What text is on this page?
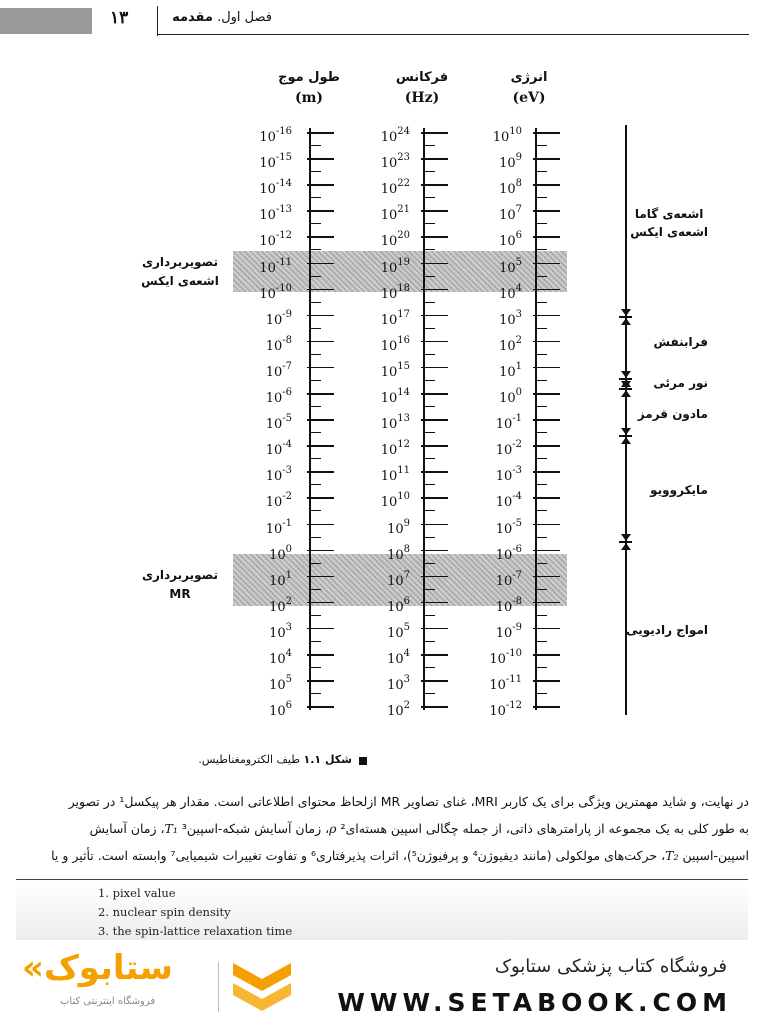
۱۳	فصل اول. مقدمه
طول موج
(m)
فرکانس
(Hz)
انرژی
(eV)
$10^{-16}$
$10^{-15}$
$10^{-14}$
$10^{-13}$
$10^{-12}$
$10^{-11}$
$10^{-10}$
$10^{-9}$
$10^{-8}$
$10^{-7}$
$10^{-6}$
$10^{-5}$
$10^{-4}$
$10^{-3}$
$10^{-2}$
$10^{-1}$
$10^0$
$10^1$
$10^2$
$10^3$
$10^4$
$10^5$
$10^6$
$10^{24}$
$10^{23}$
$10^{22}$
$10^{21}$
$10^{20}$
$10^{19}$
$10^{18}$
$10^{17}$
$10^{16}$
$10^{15}$
$10^{14}$
$10^{13}$
$10^{12}$
$10^{11}$
$10^{10}$
$10^9$
$10^8$
$10^7$
$10^6$
$10^5$
$10^4$
$10^3$
$10^2$
$10^{10}$
$10^9$
$10^8$
$10^7$
$10^6$
$10^5$
$10^4$
$10^3$
$10^2$
$10^1$
$10^0$
$10^{-1}$
$10^{-2}$
$10^{-3}$
$10^{-4}$
$10^{-5}$
$10^{-6}$
$10^{-7}$
$10^{-8}$
$10^{-9}$
$10^{-10}$
$10^{-11}$
$10^{-12}$
تصویربرداری
اشعه‌ی ایکس
تصویربرداری
MR
اشعه‌ی گاما
اشعه‌ی ایکس
فرابنفش
نور مرئی
مادون قرمز
مایکروویو
امواج رادیویی
شکل ۱.۱ طیف الکترومغناطیس.
در نهایت، و شاید مهمترین ویژگی برای یک کاربر MRI، غنای تصاویر MR ازلحاظ محتوای اطلاعاتی است. مقدار هر پیکسل¹ در تصویر
به طور کلی به یک مجموعه از پارامترهای ذاتی، از جمله چگالی اسپین هسته‌ای² ρ، زمان آسایش شبکه-اسپین³ T₁، زمان آسایش
اسپین-اسپین T₂، حرکت‌های مولکولی (مانند دیفیوژن⁴ و پرفیوژن⁵)، اثرات پذیرفتاری⁶ و تفاوت تغییرات شیمیایی⁷ وابسته است. تأثیر و یا
1. pixel value
2. nuclear spin density
3. the spin-lattice relaxation time
«ستابوک
فروشگاه اینترنتی کتاب
فروشگاه کتاب پزشکی ستابوک
WWW.SETABOOK.COM
